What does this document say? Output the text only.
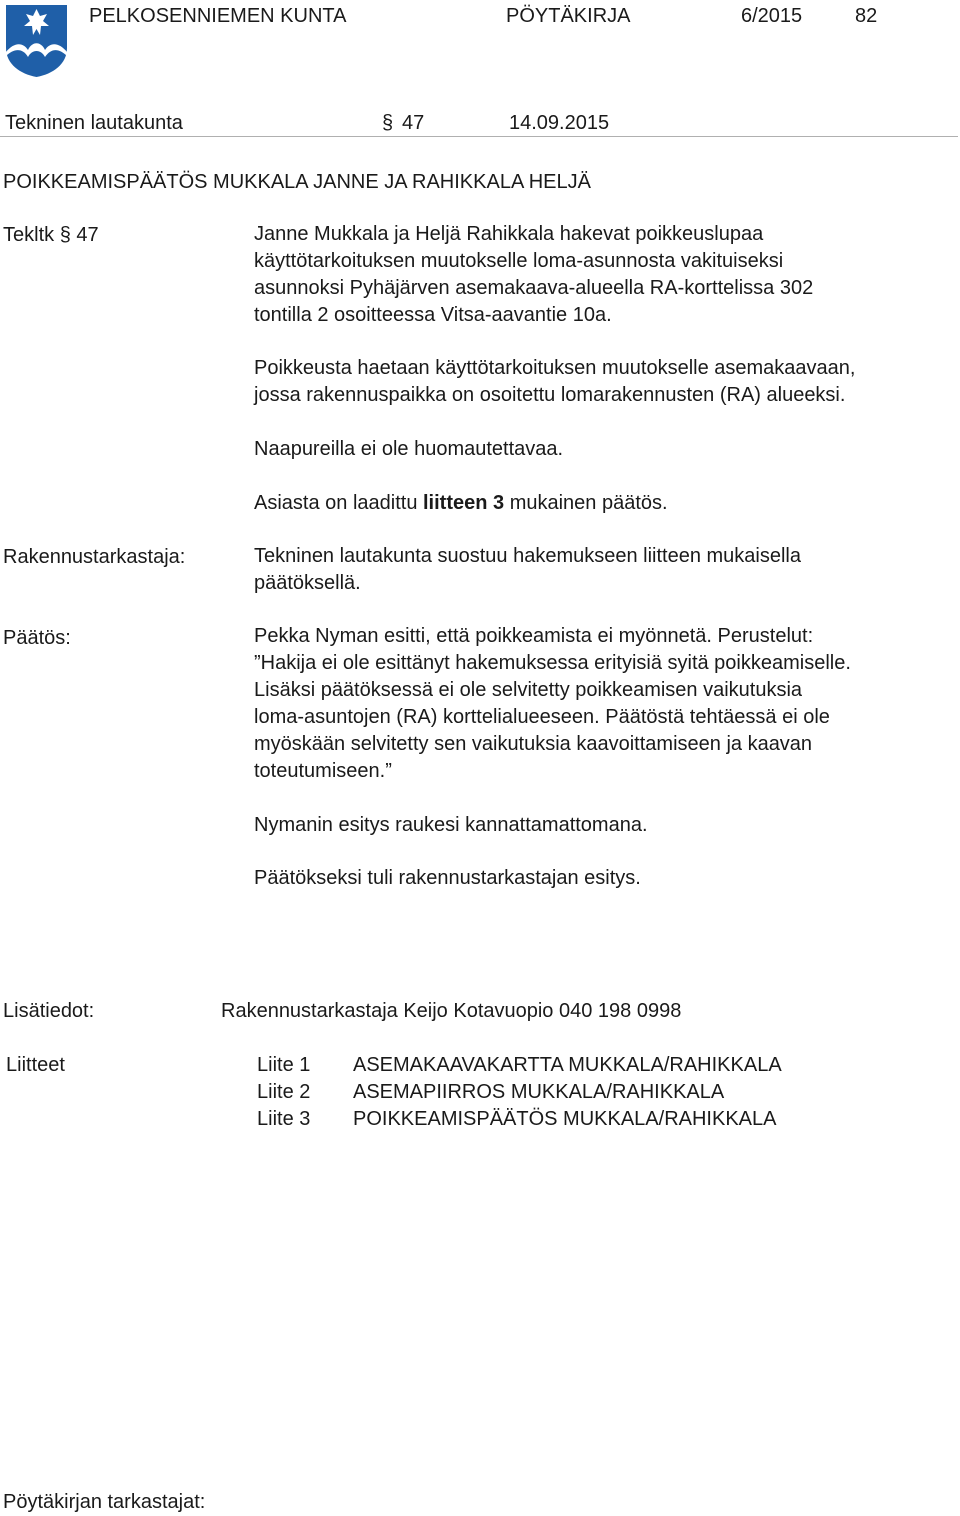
PELKOSENNIEMEN KUNTA	PÖYTÄKIRJA	6/2015	82
Tekninen lautakunta	§ 47	14.09.2015
POIKKEAMISPÄÄTÖS MUKKALA JANNE JA RAHIKKALA HELJÄ
Tekltk § 47	Janne Mukkala ja Heljä Rahikkala hakevat poikkeuslupaa
käyttötarkoituksen muutokselle loma-asunnosta vakituiseksi
asunnoksi Pyhäjärven asemakaava-alueella RA-korttelissa 302
tontilla 2 osoitteessa Vitsa-aavantie 10a.
Poikkeusta haetaan käyttötarkoituksen muutokselle asemakaavaan,
jossa rakennuspaikka on osoitettu lomarakennusten (RA) alueeksi.
Naapureilla ei ole huomautettavaa.
Asiasta on laadittu liitteen 3 mukainen päätös.
Rakennustarkastaja:	Tekninen lautakunta suostuu hakemukseen liitteen mukaisella
päätöksellä.
Päätös:	Pekka Nyman esitti, että poikkeamista ei myönnetä. Perustelut:
”Hakija ei ole esittänyt hakemuksessa erityisiä syitä poikkeamiselle.
Lisäksi päätöksessä ei ole selvitetty poikkeamisen vaikutuksia
loma-asuntojen (RA) korttelialueeseen. Päätöstä tehtäessä ei ole
myöskään selvitetty sen vaikutuksia kaavoittamiseen ja kaavan
toteutumiseen.”
Nymanin esitys raukesi kannattamattomana.
Päätökseksi tuli rakennustarkastajan esitys.
Lisätiedot:	Rakennustarkastaja Keijo Kotavuopio 040 198 0998
Liitteet	Liite 1 ASEMAKAAVAKARTTA MUKKALA/RAHIKKALA
Liite 2 ASEMAPIIRROS MUKKALA/RAHIKKALA
Liite 3 POIKKEAMISPÄÄTÖS MUKKALA/RAHIKKALA
Pöytäkirjan tarkastajat:
